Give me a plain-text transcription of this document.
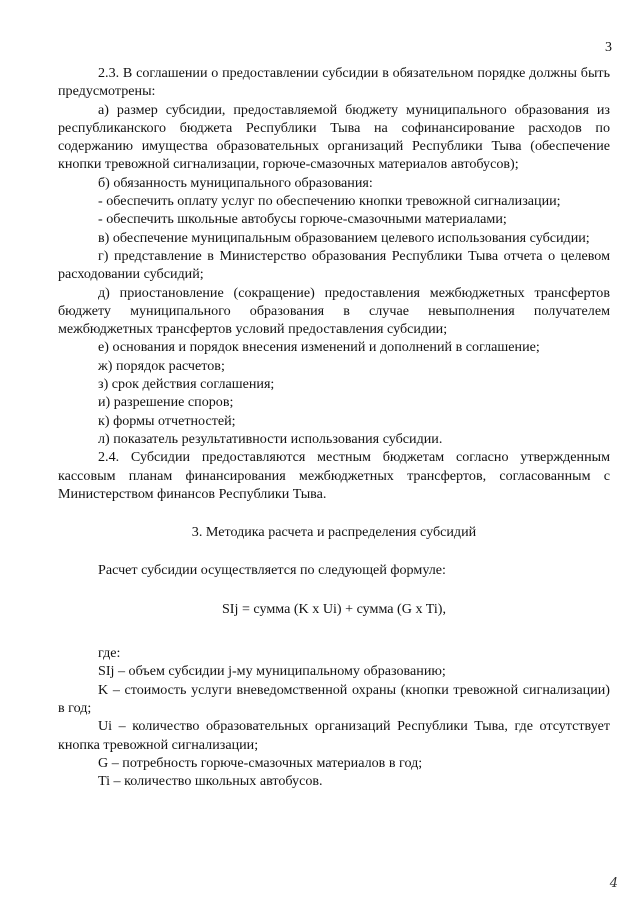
3

2.3. В соглашении о предоставлении субсидии в обязательном порядке должны быть предусмотрены:

а) размер субсидии, предоставляемой бюджету муниципального образования из республиканского бюджета Республики Тыва на софинансирование расходов по содержанию имущества образовательных организаций Республики Тыва (обеспечение кнопки тревожной сигнализации, горюче-смазочных материалов автобусов);

б) обязанность муниципального образования:

- обеспечить оплату услуг по обеспечению кнопки тревожной сигнализации;

- обеспечить школьные автобусы горюче-смазочными материалами;

в) обеспечение муниципальным образованием целевого использования субсидии;

г) представление в Министерство образования Республики Тыва отчета о целевом расходовании субсидий;

д) приостановление (сокращение) предоставления межбюджетных трансфертов бюджету муниципального образования в случае невыполнения получателем межбюджетных трансфертов условий предоставления субсидии;

е) основания и порядок внесения изменений и дополнений в соглашение;

ж) порядок расчетов;

з) срок действия соглашения;

и) разрешение споров;

к) формы отчетностей;

л) показатель результативности использования субсидии.

2.4. Субсидии предоставляются местным бюджетам согласно утвержденным кассовым планам финансирования межбюджетных трансфертов, согласованным с Министерством финансов Республики Тыва.

3. Методика расчета и распределения субсидий

Расчет субсидии осуществляется по следующей формуле:

SIj = сумма (K x Ui) + сумма (G x Ti),

где:

SIj – объем субсидии j-му муниципальному образованию;

K – стоимость услуги вневедомственной охраны (кнопки тревожной сигнализации) в год;

Ui – количество образовательных организаций Республики Тыва, где отсутствует кнопка тревожной сигнализации;

G – потребность горюче-смазочных материалов в год;

Ti – количество школьных автобусов.

4
